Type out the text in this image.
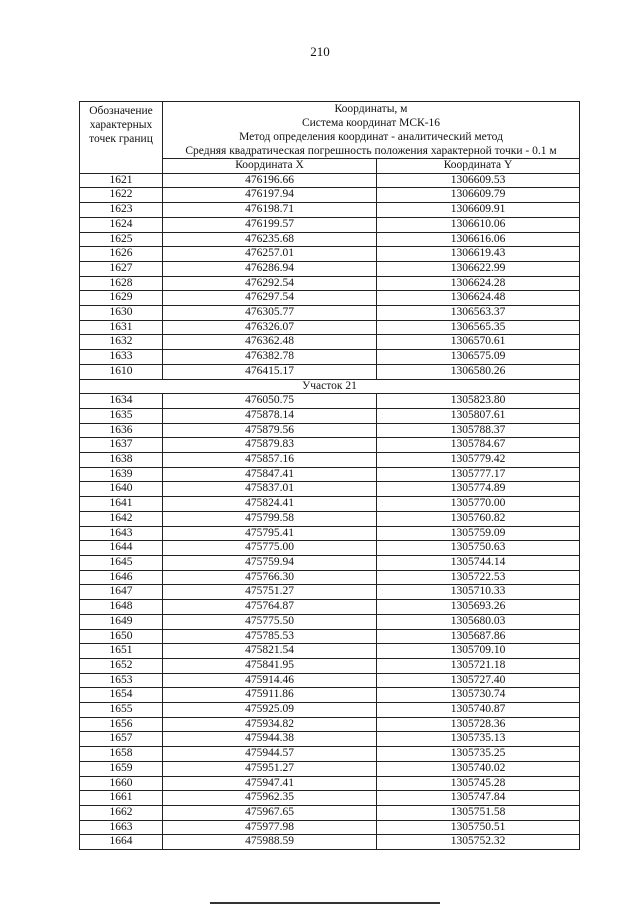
210
Обозначение характерных точек границ	Координаты, м
Система координат МСК-16
Метод определения координат - аналитический метод
Средняя квадратическая погрешность положения характерной точки - 0.1 м	

	Координата X	Координата Y
1621	476196.66	1306609.53
1622	476197.94	1306609.79
1623	476198.71	1306609.91
1624	476199.57	1306610.06
1625	476235.68	1306616.06
1626	476257.01	1306619.43
1627	476286.94	1306622.99
1628	476292.54	1306624.28
1629	476297.54	1306624.48
1630	476305.77	1306563.37
1631	476326.07	1306565.35
1632	476362.48	1306570.61
1633	476382.78	1306575.09
1610	476415.17	1306580.26
Участок 21		
1634	476050.75	1305823.80
1635	475878.14	1305807.61
1636	475879.56	1305788.37
1637	475879.83	1305784.67
1638	475857.16	1305779.42
1639	475847.41	1305777.17
1640	475837.01	1305774.89
1641	475824.41	1305770.00
1642	475799.58	1305760.82
1643	475795.41	1305759.09
1644	475775.00	1305750.63
1645	475759.94	1305744.14
1646	475766.30	1305722.53
1647	475751.27	1305710.33
1648	475764.87	1305693.26
1649	475775.50	1305680.03
1650	475785.53	1305687.86
1651	475821.54	1305709.10
1652	475841.95	1305721.18
1653	475914.46	1305727.40
1654	475911.86	1305730.74
1655	475925.09	1305740.87
1656	475934.82	1305728.36
1657	475944.38	1305735.13
1658	475944.57	1305735.25
1659	475951.27	1305740.02
1660	475947.41	1305745.28
1661	475962.35	1305747.84
1662	475967.65	1305751.58
1663	475977.98	1305750.51
1664	475988.59	1305752.32
